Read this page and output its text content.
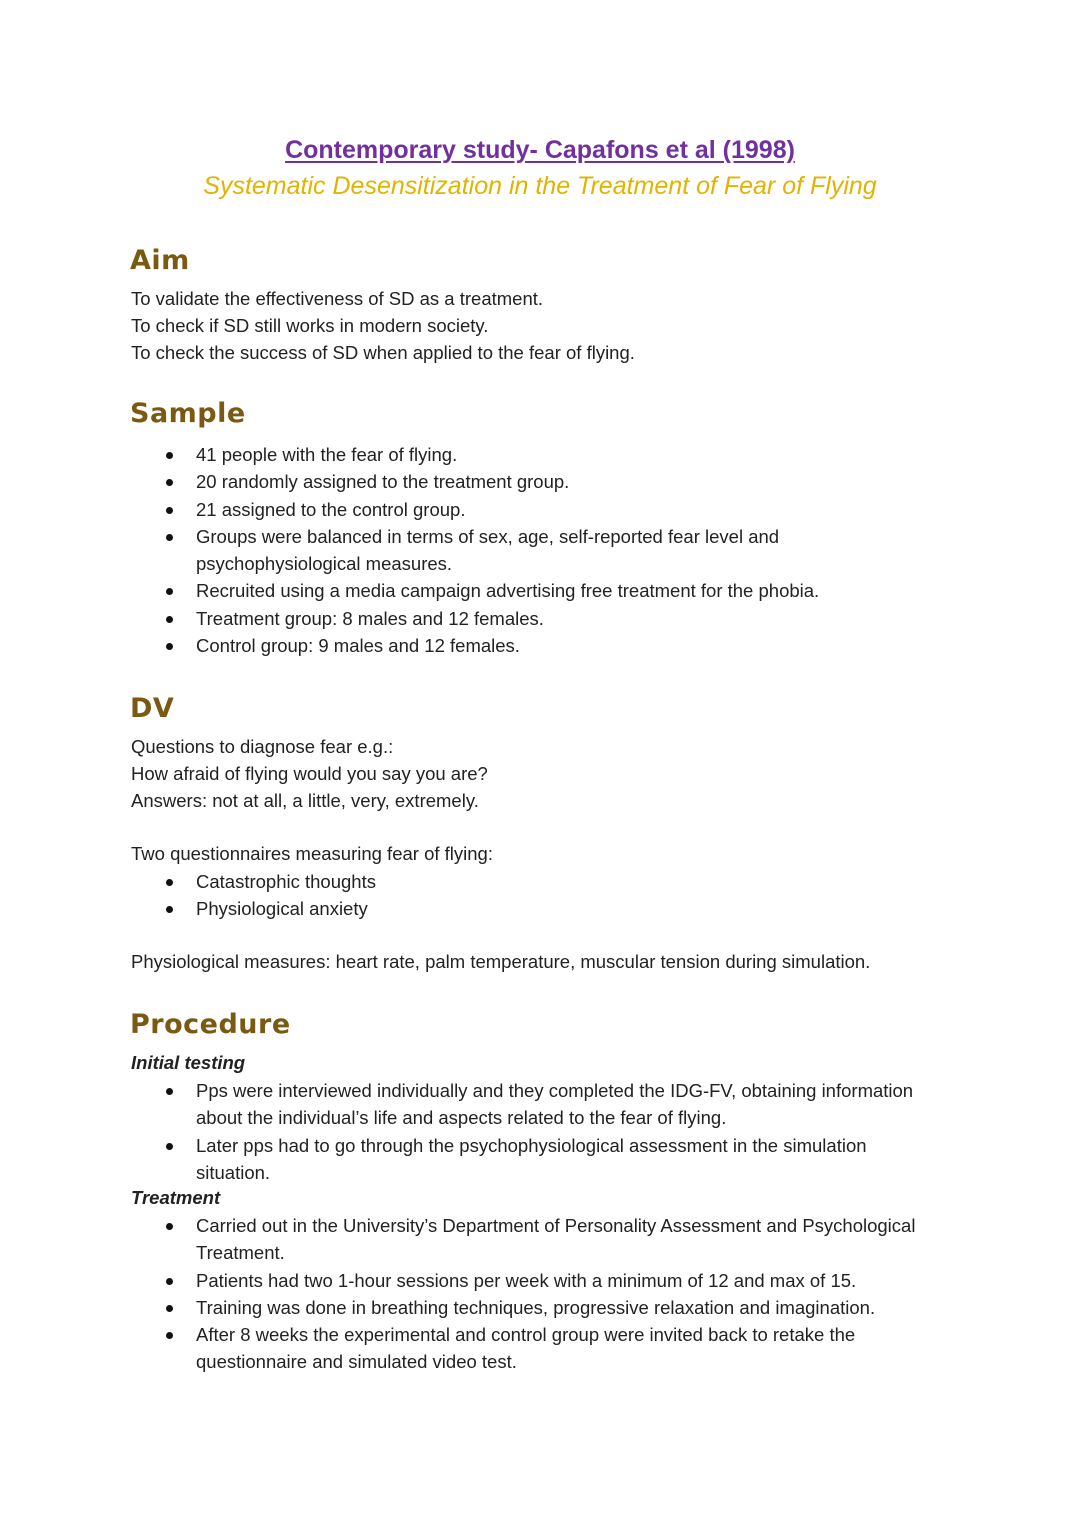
Contemporary study- Capafons et al (1998)
Systematic Desensitization in the Treatment of Fear of Flying
Aim

To validate the effectiveness of SD as a treatment.

To check if SD still works in modern society.

To check the success of SD when applied to the fear of flying.

Sample
41 people with the fear of flying.
20 randomly assigned to the treatment group.
21 assigned to the control group.
Groups were balanced in terms of sex, age, self-reported fear level and psychophysiological measures.
Recruited using a media campaign advertising free treatment for the phobia.
Treatment group: 8 males and 12 females.
Control group: 9 males and 12 females.
DV

Questions to diagnose fear e.g.:

How afraid of flying would you say you are?

Answers: not at all, a little, very, extremely.

Two questionnaires measuring fear of flying:
Catastrophic thoughts
Physiological anxiety
Physiological measures: heart rate, palm temperature, muscular tension during simulation.
Procedure
Initial testing
Pps were interviewed individually and they completed the IDG-FV, obtaining information about the individual’s life and aspects related to the fear of flying.
Later pps had to go through the psychophysiological assessment in the simulation situation.
Treatment
Carried out in the University’s Department of Personality Assessment and Psychological Treatment.
Patients had two 1-hour sessions per week with a minimum of 12 and max of 15.
Training was done in breathing techniques, progressive relaxation and imagination.
After 8 weeks the experimental and control group were invited back to retake the questionnaire and simulated video test.
